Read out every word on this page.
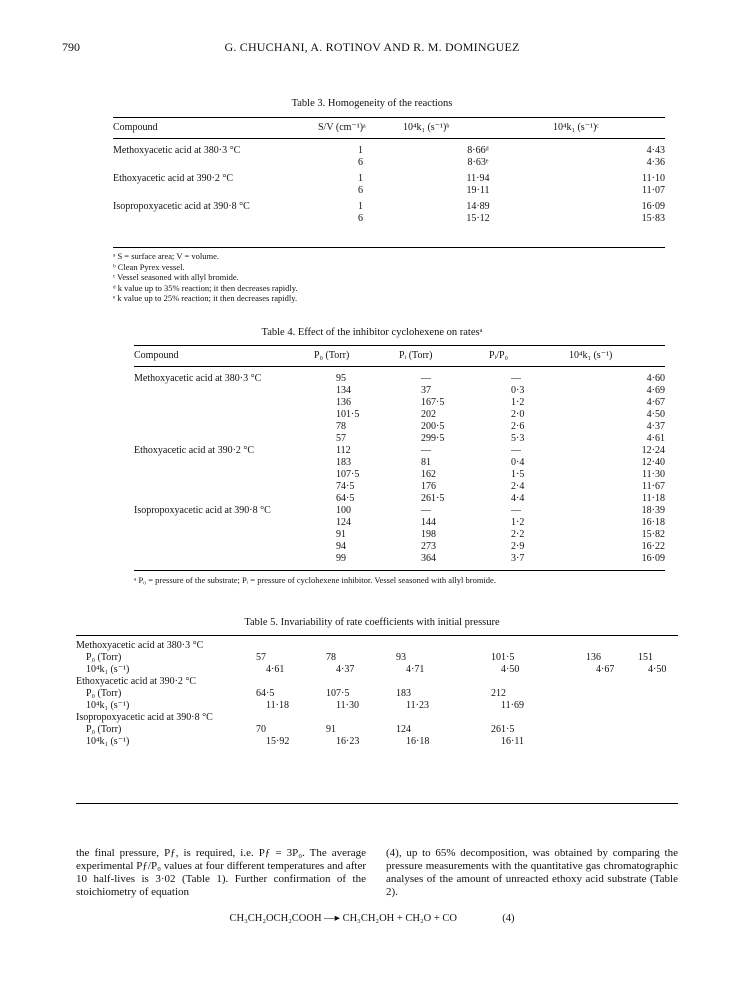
790	G. CHUCHANI, A. ROTINOV AND R. M. DOMINGUEZ
Table 3. Homogeneity of the reactions
Compound	S/V (cm⁻¹)ᵃ	10⁴k₁ (s⁻¹)ᵇ	10⁴k₁ (s⁻¹)ᶜ
Methoxyacetic acid at 380·3 °C	1	8·66ᵈ	4·43
	6	8·63ᵉ	4·36
Ethoxyacetic acid at 390·2 °C	1	11·94	11·10
	6	19·11	11·07
Isopropoxyacetic acid at 390·8 °C	1	14·89	16·09
	6	15·12	15·83
ᵃ S = surface area; V = volume.
ᵇ Clean Pyrex vessel.
ᶜ Vessel seasoned with allyl bromide.
ᵈ k value up to 35% reaction; it then decreases rapidly.
ᵉ k value up to 25% reaction; it then decreases rapidly.
Table 4. Effect of the inhibitor cyclohexene on ratesᵃ
Compound	P₀ (Torr)	Pᵢ (Torr)	Pᵢ/P₀	10⁴k₁ (s⁻¹)
Methoxyacetic acid at 380·3 °C	95	—	—	4·60
	134	37	0·3	4·69
	136	167·5	1·2	4·67
	101·5	202	2·0	4·50
	78	200·5	2·6	4·37
	57	299·5	5·3	4·61
Ethoxyacetic acid at 390·2 °C	112	—	—	12·24
	183	81	0·4	12·40
	107·5	162	1·5	11·30
	74·5	176	2·4	11·67
	64·5	261·5	4·4	11·18
Isopropoxyacetic acid at 390·8 °C	100	—	—	18·39
	124	144	1·2	16·18
	91	198	2·2	15·82
	94	273	2·9	16·22
	99	364	3·7	16·09
ᵃ P₀ = pressure of the substrate; Pᵢ = pressure of cyclohexene inhibitor. Vessel seasoned with allyl bromide.
Table 5. Invariability of rate coefficients with initial pressure
Methoxyacetic acid at 380·3 °C						
P₀ (Torr)	57	78	93	101·5	136	151
10⁴k₁ (s⁻¹)	4·61	4·37	4·71	4·50	4·67	4·50
Ethoxyacetic acid at 390·2 °C						
P₀ (Torr)	64·5	107·5	183	212		
10⁴k₁ (s⁻¹)	11·18	11·30	11·23	11·69		
Isopropoxyacetic acid at 390·8 °C						
P₀ (Torr)	70	91	124	261·5		
10⁴k₁ (s⁻¹)	15·92	16·23	16·18	16·11		
the final pressure, Pƒ, is required, i.e. Pƒ = 3P₀. The average experimental Pƒ/P₀ values at four different temperatures and after 10 half-lives is 3·02 (Table 1). Further confirmation of the stoichiometry of equation
(4), up to 65% decomposition, was obtained by comparing the pressure measurements with the quantitative gas chromatographic analyses of the amount of unreacted ethoxy acid substrate (Table 2).
CH₃CH₂OCH₂COOH —▸ CH₃CH₂OH + CH₂O + CO	(4)
